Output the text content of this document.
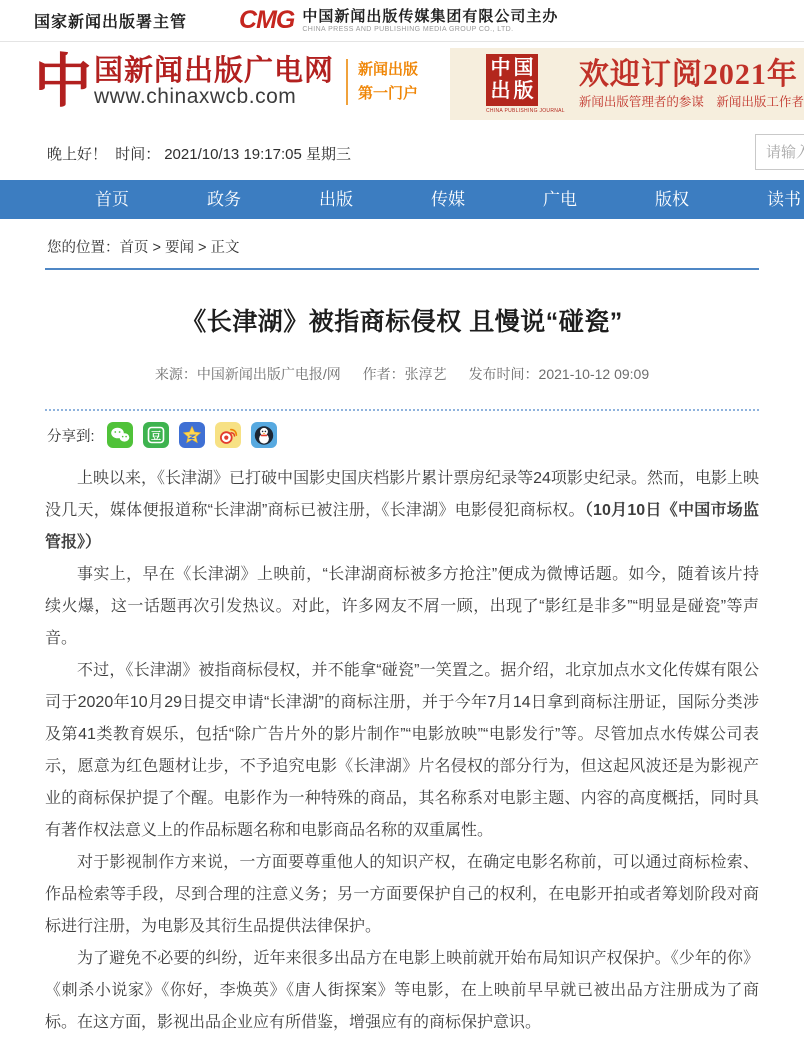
国家新闻出版署主管 CMG 中国新闻出版传媒集团有限公司主办
CHINA PRESS AND PUBLISHING MEDIA GROUP CO., LTD.
中 国新闻出版广电网
www.chinaxwcb.com
新闻出版
第一门户
中国
出版
CHINA PUBLISHING JOURNAL
欢迎订阅2021年
新闻出版管理者的参谋　新闻出版工作者
晚上好！ 时间： 2021/10/13 19:17:05 星期三
请输入
首页	政务	出版	传媒	广电	版权	读书
您的位置：首页 > 要闻 > 正文
《长津湖》被指商标侵权 且慢说“碰瓷”
来源：中国新闻出版广电报/网 作者：张淳艺 发布时间：2021-10-12 09:09
分享到:	豆

上映以来，《长津湖》已打破中国影史国庆档影片累计票房纪录等24项影史纪录。然而，电影上映没几天，媒体便报道称“长津湖”商标已被注册，《长津湖》电影侵犯商标权。（10月10日《中国市场监管报》）

事实上，早在《长津湖》上映前，“长津湖商标被多方抢注”便成为微博话题。如今，随着该片持续火爆，这一话题再次引发热议。对此，许多网友不屑一顾，出现了“影红是非多”“明显是碰瓷”等声音。

不过，《长津湖》被指商标侵权，并不能拿“碰瓷”一笑置之。据介绍，北京加点水文化传媒有限公司于2020年10月29日提交申请“长津湖”的商标注册，并于今年7月14日拿到商标注册证，国际分类涉及第41类教育娱乐，包括“除广告片外的影片制作”“电影放映”“电影发行”等。尽管加点水传媒公司表示，愿意为红色题材让步，不予追究电影《长津湖》片名侵权的部分行为，但这起风波还是为影视产业的商标保护提了个醒。电影作为一种特殊的商品，其名称系对电影主题、内容的高度概括，同时具有著作权法意义上的作品标题名称和电影商品名称的双重属性。

对于影视制作方来说，一方面要尊重他人的知识产权，在确定电影名称前，可以通过商标检索、作品检索等手段，尽到合理的注意义务；另一方面要保护自己的权利，在电影开拍或者筹划阶段对商标进行注册，为电影及其衍生品提供法律保护。

为了避免不必要的纠纷，近年来很多出品方在电影上映前就开始布局知识产权保护。《少年的你》《刺杀小说家》《你好，李焕英》《唐人街探案》等电影，在上映前早早就已被出品方注册成为了商标。在这方面，影视出品企业应有所借鉴，增强应有的商标保护意识。
